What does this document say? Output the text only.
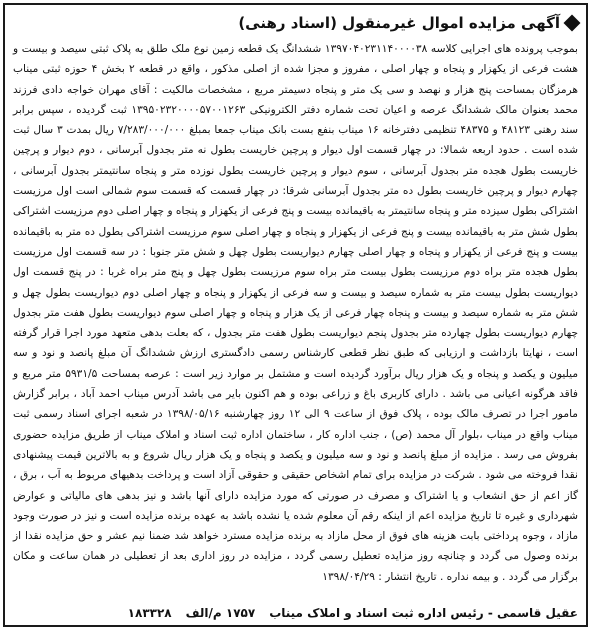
آگهی مزایده اموال غیرمنقول (اسناد رهنی)

بموجب پرونده های اجرایی کلاسه ۱۳۹۷۰۴۰۲۳۱۱۴۰۰۰۰۳۸ ششدانگ یک قطعه زمین نوع ملک طلق به پلاک ثبتی سیصد و بیست و هشت فرعی از یکهزار و پنجاه و چهار اصلی ، مفروز و مجزا شده از اصلی مذکور ، واقع در قطعه ۲ بخش ۴ حوزه ثبتی میناب هرمزگان بمساحت پنج هزار و نهصد و سی یک متر و پنجاه دسیمتر مربع ، مشخصات مالکیت : آقای مهران خواجه دادی فرزند محمد بعنوان مالک ششدانگ عرصه و اعیان تحت شماره دفتر الکترونیکی ۱۳۹۵۰۲۳۲۰۰۰۰۵۷۰۰۱۲۶۳ ثبت گردیده ، سپس برابر سند رهنی ۴۸۱۲۳ و ۴۸۳۷۵ تنظیمی دفترخانه ۱۶ میناب بنفع بست بانک میناب جمعا بمبلغ ۷/۲۸۳/۰۰۰/۰۰۰ ریال بمدت ۳ سال ثبت شده است . حدود اربعه شمالا: در چهار قسمت اول دیوار و پرچین خاریست بطول نه متر بجدول آبرسانی ، دوم دیوار و پرچین خاریست بطول هجده متر بجدول آبرسانی ، سوم دیوار و پرچین خاریست بطول نوزده متر و پنجاه سانتیمتر بجدول آبرسانی ، چهارم دیوار و پرچین خاریست بطول ده متر بجدول آبرسانی شرقا: در چهار قسمت که قسمت سوم شمالی است اول مرزیست اشتراکی بطول سیزده متر و پنجاه سانتیمتر به باقیمانده بیست و پنج فرعی از یکهزار و پنجاه و چهار اصلی دوم مرزیست اشتراکی بطول شش متر به باقیمانده بیست و پنج فرعی از یکهزار و پنجاه و چهار اصلی سوم مرزیست اشتراکی بطول ده متر به باقیمانده بیست و پنج فرعی از یکهزار و پنجاه و چهار اصلی چهارم دیواریست بطول چهل و شش متر جنوبا : در سه قسمت اول مرزیست بطول هجده متر براه دوم مرزیست بطول بیست متر براه سوم مرزیست بطول چهل و پنج متر براه غربا : در پنج قسمت اول دیواریست بطول بیست متر به شماره سیصد و بیست و سه فرعی از یکهزار و پنجاه و چهار اصلی دوم دیواریست بطول چهل و شش متر به شماره سیصد و بیست و پنجاه چهار فرعی از یک هزار و پنجاه و چهار اصلی سوم دیواریست بطول هفت متر بجدول چهارم دیواریست بطول چهارده متر بجدول پنجم دیواریست بطول هفت متر بجدول ، که بعلت بدهی متعهد مورد اجرا قرار گرفته است ، نهایتا بازداشت و ارزیابی که طبق نظر قطعی کارشناس رسمی دادگستری ارزش ششدانگ آن مبلغ پانصد و نود و سه میلیون و یکصد و پنجاه و یک هزار ریال برآورد گردیده است و مشتمل بر موارد زیر است : عرصه بمساحت ۵۹۳۱/۵ متر مربع و فاقد هرگونه اعیانی می باشد . دارای کاربری باغ و زراعی بوده و هم اکنون بایر می باشد آدرس میناب احمد آباد ، برابر گزارش مامور اجرا در تصرف مالک بوده ، پلاک فوق از ساعت ۹ الی ۱۲ روز چهارشنبه ۱۳۹۸/۰۵/۱۶ در شعبه اجرای اسناد رسمی ثبت میناب واقع در میناب ،بلوار آل محمد (ص) ، جنب اداره کار ، ساختمان اداره ثبت اسناد و املاک میناب از طریق مزایده حضوری بفروش می رسد . مزایده از مبلغ پانصد و نود و سه میلیون و یکصد و پنجاه و یک هزار ریال شروع و به بالاترین قیمت پیشنهادی نقدا فروخته می شود . شرکت در مزایده برای تمام اشخاص حقیقی و حقوقی آزاد است و پرداخت بدهیهای مربوط به آب ، برق ، گاز اعم از حق انشعاب و یا اشتراک و مصرف در صورتی که مورد مزایده دارای آنها باشد و نیز بدهی های مالیاتی و عوارض شهرداری و غیره تا تاریخ مزایده اعم از اینکه رقم آن معلوم شده یا نشده باشد به عهده برنده مزایده است و نیز در صورت وجود مازاد ، وجوه پرداختی بابت هزینه های فوق از محل مازاد به برنده مزایده مسترد خواهد شد ضمنا نیم عشر و حق مزایده نقدا از برنده وصول می گردد و چنانچه روز مزایده تعطیل رسمی گردد ، مزایده در روز اداری بعد از تعطیلی در همان ساعت و مکان برگزار می گردد . و بیمه نداره . تاریخ انتشار : ۱۳۹۸/۰۴/۲۹

عقیل قاسمی - رئیس اداره ثبت اسناد و املاک میناب
۱۷۵۷ م/الف
۱۸۳۳۲۸
